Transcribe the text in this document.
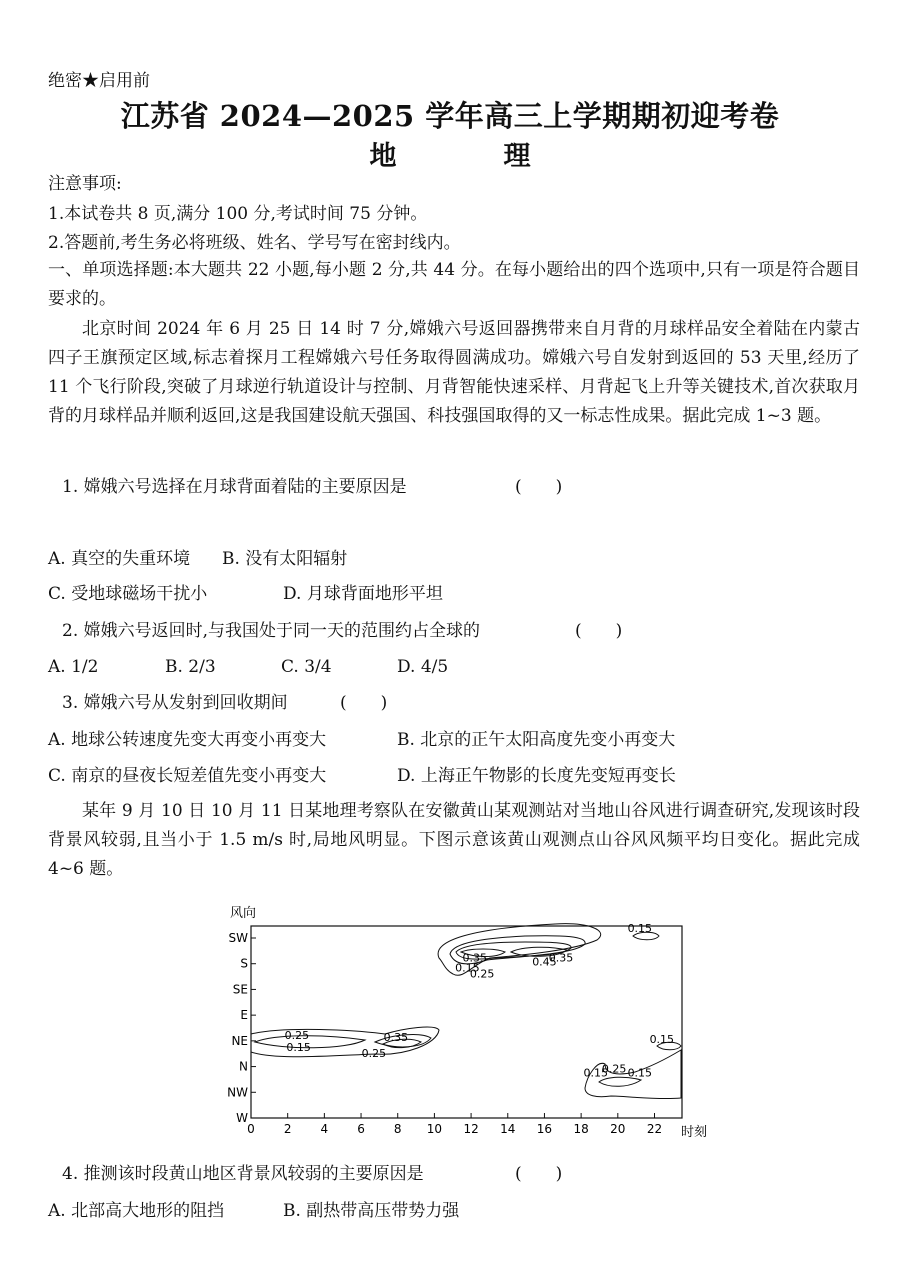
绝密★启用前
江苏省 2024—2025 学年高三上学期期初迎考卷
地　理
注意事项:
1.本试卷共 8 页,满分 100 分,考试时间 75 分钟。
2.答题前,考生务必将班级、姓名、学号写在密封线内。
一、单项选择题:本大题共 22 小题,每小题 2 分,共 44 分。在每小题给出的四个选项中,只有一项是符合题目要求的。
北京时间 2024 年 6 月 25 日 14 时 7 分,嫦娥六号返回器携带来自月背的月球样品安全着陆在内蒙古四子王旗预定区域,标志着探月工程嫦娥六号任务取得圆满成功。嫦娥六号自发射到返回的 53 天里,经历了 11 个飞行阶段,突破了月球逆行轨道设计与控制、月背智能快速采样、月背起飞上升等关键技术,首次获取月背的月球样品并顺利返回,这是我国建设航天强国、科技强国取得的又一标志性成果。据此完成 1~3 题。
1. 嫦娥六号选择在月球背面着陆的主要原因是	(　　)
A. 真空的失重环境 B. 没有太阳辐射
C. 受地球磁场干扰小	D. 月球背面地形平坦
2. 嫦娥六号返回时,与我国处于同一天的范围约占全球的	(　　)
A. 1/2	B. 2/3	C. 3/4	D. 4/5
3. 嫦娥六号从发射到回收期间	(　　)
A. 地球公转速度先变大再变小再变大	B. 北京的正午太阳高度先变小再变大
C. 南京的昼夜长短差值先变小再变大	D. 上海正午物影的长度先变短再变长
某年 9 月 10 日 10 月 11 日某地理考察队在安徽黄山某观测站对当地山谷风进行调查研究,发现该时段背景风较弱,且当小于 1.5 m/s 时,局地风明显。下图示意该黄山观测点山谷风风频平均日变化。据此完成 4~6 题。
风向
W
NW
N
NE
E
SE
S
SW
0 2 4 6 8 10 12 14 16 18 20 22 时刻
0.15
0.25
0.35	0.45
0.35
0.15
0.25
0.15	0.25
0.35
0.15
0.25 0.15
0.15
4. 推测该时段黄山地区背景风较弱的主要原因是	(　　)
A. 北部高大地形的阻挡	B. 副热带高压带势力强
